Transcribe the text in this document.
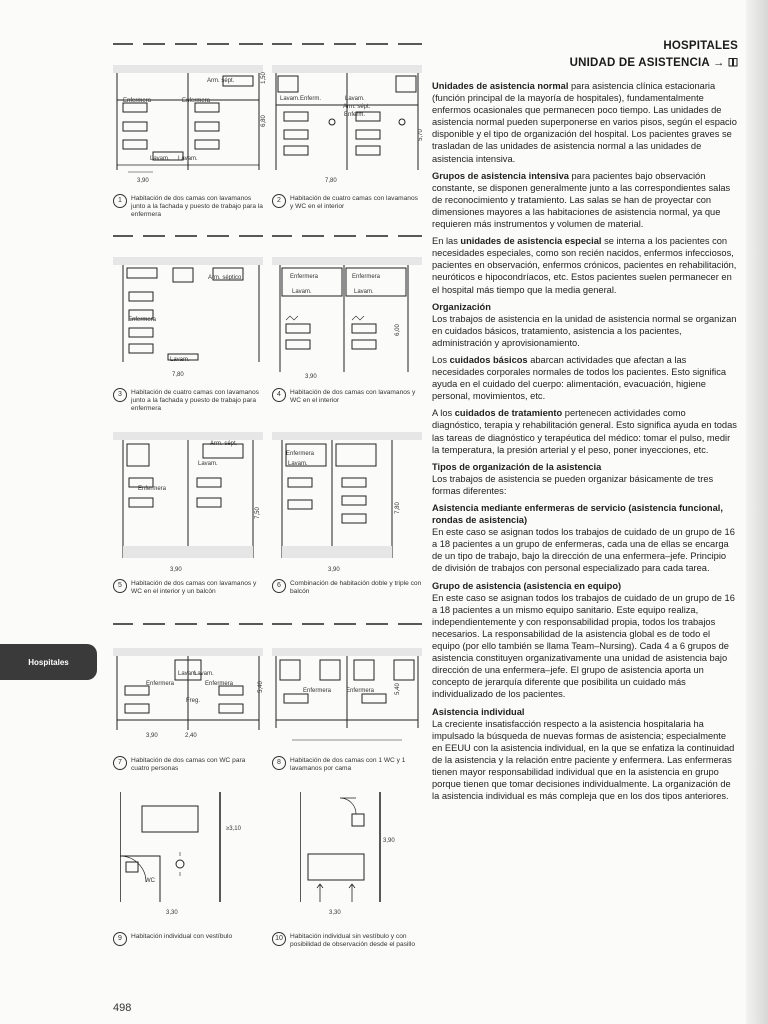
HOSPITALES
UNIDAD DE ASISTENCIA →
Hospitales
3,90
1,50
6,80
Arm. sépt.
Enfermera	Enfermera
Lavam. Lavam.
1	Habitación de dos camas con lavamanos junto a la fachada y puesto de trabajo para la enfermera
7,80
5,70
Lavam. Enferm.	Lavam.
Arm. sépt.
Enferm.
2	Habitación de cuatro camas con lavamanos y WC en el interior
7,80
Arm. séptico
Enfermera
Lavam.
3	Habitación de cuatro camas con lavamanos junto a la fachada y puesto de trabajo para enfermera
3,90
6,00
Enfermera	Enfermera
Lavam.	Lavam.
4	Habitación de dos camas con lavamanos y WC en el interior
3,90
7,50
Arm. sépt.
Lavam.
Enfermera
5	Habitación de dos camas con lavamanos y WC en el interior y un balcón
3,90
7,80
Enfermera
Lavam.
6	Combinación de habitación doble y triple con balcón
3,90	2,40
5,40
Lavam.
Lavam.
Enfermera	Enfermera
Freg.
7	Habitación de dos camas con WC para cuatro personas
5,40
Enfermera Enfermera
8	Habitación de dos camas con 1 WC y 1 lavamanos por cama
WC
3,30
≥3,10
9	Habitación individual con vestíbulo
3,30
3,90
10	Habitación individual sin vestíbulo y con posibilidad de observación desde el pasillo

Unidades de asistencia normal para asistencia clínica estacionaria (función principal de la mayoría de hospitales), fundamentalmente enfermos ocasionales que permanecen poco tiempo. Las unidades de asistencia normal pueden superponerse en varios pisos, según el espacio disponible y el tipo de organización del hospital. Los pacientes graves se trasladan de las unidades de asistencia normal a las unidades de asistencia intensiva.

Grupos de asistencia intensiva para pacientes bajo observación constante, se disponen generalmente junto a las correspondientes salas de reconocimiento y tratamiento. Las salas se han de proyectar con dimensiones mayores a las habitaciones de asistencia normal, ya que requieren más instrumentos y volumen de material.

En las unidades de asistencia especial se interna a los pacientes con necesidades especiales, como son recién nacidos, enfermos infecciosos, pacientes en observación, enfermos crónicos, pacientes en rehabilitación, neuróticos e hipocondríacos, etc. Estos pacientes suelen permanecer en el hospital más tiempo que la media general.

Organización

Los trabajos de asistencia en la unidad de asistencia normal se organizan en cuidados básicos, tratamiento, asistencia a los pacientes, administración y aprovisionamiento.

Los cuidados básicos abarcan actividades que afectan a las necesidades corporales normales de todos los pacientes. Esto significa ayuda en el cuidado del cuerpo: alimentación, evacuación, higiene personal, movimientos, etc.

A los cuidados de tratamiento pertenecen actividades como diagnóstico, terapia y rehabilitación general. Esto significa ayuda en todas las tareas de diagnóstico y terapéutica del médico: tomar el pulso, medir la temperatura, la presión arterial y el peso, poner inyecciones, etc.

Tipos de organización de la asistencia

Los trabajos de asistencia se pueden organizar básicamente de tres formas diferentes:

Asistencia mediante enfermeras de servicio (asistencia funcional, rondas de asistencia)

En este caso se asignan todos los trabajos de cuidado de un grupo de 16 a 18 pacientes a un grupo de enfermeras, cada una de ellas se encarga de un tipo de trabajo, bajo la dirección de una enfermera–jefe. Principio de división de trabajos con personal especializado para cada tarea.

Grupo de asistencia (asistencia en equipo)

En este caso se asignan todos los trabajos de cuidado de un grupo de 16 a 18 pacientes a un mismo equipo sanitario. Este equipo realiza, independientemente y con responsabilidad propia, todos los trabajos necesarios. La responsabilidad de la asistencia global es de todo el equipo (por ello también se llama Team–Nursing). Cada 4 a 6 grupos de asistencia constituyen organizativamente una unidad de asistencia bajo dirección de una enfermera–jefe. El grupo de asistencia aporta un concepto de jerarquía diferente que posibilita un cuidado más individualizado de los pacientes.

Asistencia individual

La creciente insatisfacción respecto a la asistencia hospitalaria ha impulsado la búsqueda de nuevas formas de asistencia; especialmente en EEUU con la asistencia individual, en la que se enfatiza la continuidad de la asistencia y la relación entre paciente y enfermera. Las enfermeras tienen mayor responsabilidad individual que en la asistencia en grupo porque tienen que tomar decisiones individualmente. La organización de la asistencia individual es más compleja que en los dos tipos anteriores.

498
